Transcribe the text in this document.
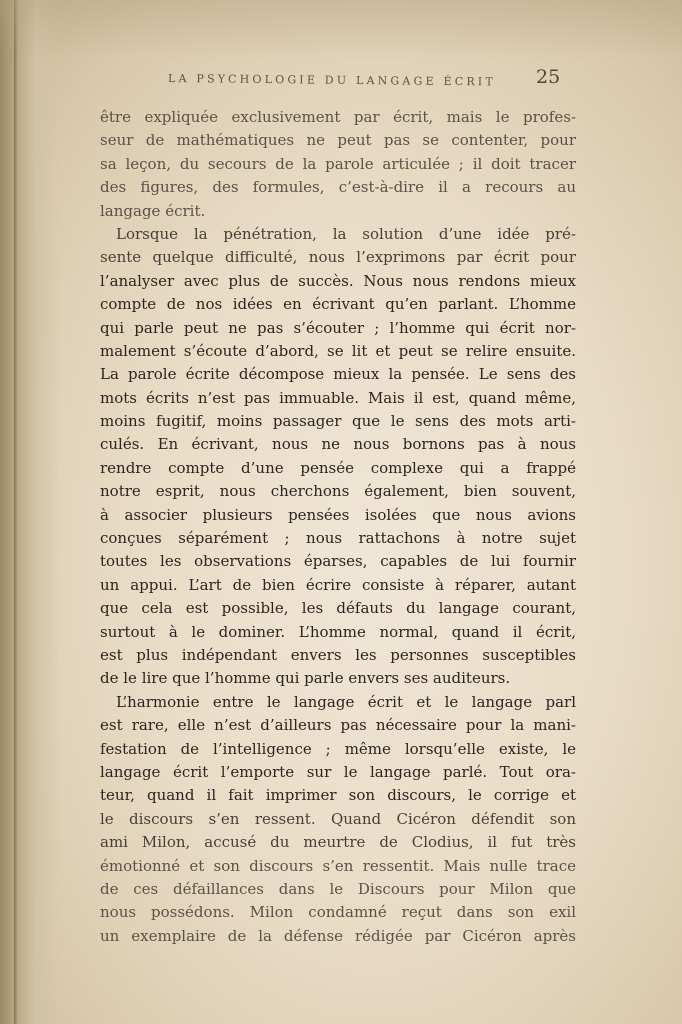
LA PSYCHOLOGIE DU LANGAGE ÉCRIT	25
être expliquée exclusivement par écrit, mais le profes-
seur de mathématiques ne peut pas se contenter, pour
sa leçon, du secours de la parole articulée ; il doit tracer
des figures, des formules, c’est-à-dire il a recours au
langage écrit.
Lorsque la pénétration, la solution d’une idée pré-
sente quelque difficulté, nous l’exprimons par écrit pour
l’analyser avec plus de succès. Nous nous rendons mieux
compte de nos idées en écrivant qu’en parlant. L’homme
qui parle peut ne pas s’écouter ; l’homme qui écrit nor-
malement s’écoute d’abord, se lit et peut se relire ensuite.
La parole écrite décompose mieux la pensée. Le sens des
mots écrits n’est pas immuable. Mais il est, quand même,
moins fugitif, moins passager que le sens des mots arti-
culés. En écrivant, nous ne nous bornons pas à nous
rendre compte d’une pensée complexe qui a frappé
notre esprit, nous cherchons également, bien souvent,
à associer plusieurs pensées isolées que nous avions
conçues séparément ; nous rattachons à notre sujet
toutes les observations éparses, capables de lui fournir
un appui. L’art de bien écrire consiste à réparer, autant
que cela est possible, les défauts du langage courant,
surtout à le dominer. L’homme normal, quand il écrit,
est plus indépendant envers les personnes susceptibles
de le lire que l’homme qui parle envers ses auditeurs.
L’harmonie entre le langage écrit et le langage parl
est rare, elle n’est d’ailleurs pas nécessaire pour la mani-
festation de l’intelligence ; même lorsqu’elle existe, le
langage écrit l’emporte sur le langage parlé. Tout ora-
teur, quand il fait imprimer son discours, le corrige et
le discours s’en ressent. Quand Cicéron défendit son
ami Milon, accusé du meurtre de Clodius, il fut très
émotionné et son discours s’en ressentit. Mais nulle trace
de ces défaillances dans le Discours pour Milon que
nous possédons. Milon condamné reçut dans son exil
un exemplaire de la défense rédigée par Cicéron après
